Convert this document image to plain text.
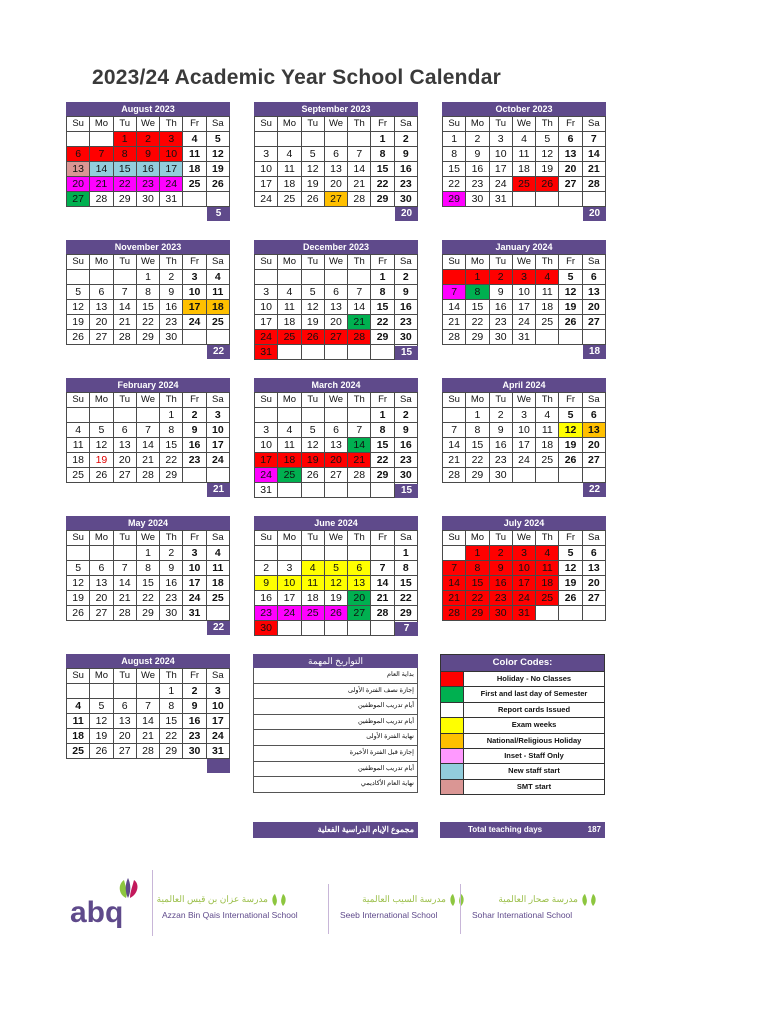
2023/24 Academic Year School Calendar
August 2023
Su	Mo	Tu	We	Th	Fr	Sa
		1	2	3	4	5
6	7	8	9	10	11	12
13	14	15	16	17	18	19
20	21	22	23	24	25	26
27	28	29	30	31		
5
September 2023
Su	Mo	Tu	We	Th	Fr	Sa
					1	2
3	4	5	6	7	8	9
10	11	12	13	14	15	16
17	18	19	20	21	22	23
24	25	26	27	28	29	30
20
October 2023
Su	Mo	Tu	We	Th	Fr	Sa
1	2	3	4	5	6	7
8	9	10	11	12	13	14
15	16	17	18	19	20	21
22	23	24	25	26	27	28
29	30	31				
20
November 2023
Su	Mo	Tu	We	Th	Fr	Sa
			1	2	3	4
5	6	7	8	9	10	11
12	13	14	15	16	17	18
19	20	21	22	23	24	25
26	27	28	29	30		
22
December 2023
Su	Mo	Tu	We	Th	Fr	Sa
					1	2
3	4	5	6	7	8	9
10	11	12	13	14	15	16
17	18	19	20	21	22	23
24	25	26	27	28	29	30
31							15
January 2024
Su	Mo	Tu	We	Th	Fr	Sa
	1	2	3	4	5	6
7	8	9	10	11	12	13
14	15	16	17	18	19	20
21	22	23	24	25	26	27
28	29	30	31			
18
February 2024
Su	Mo	Tu	We	Th	Fr	Sa
				1	2	3
4	5	6	7	8	9	10
11	12	13	14	15	16	17
18	19	20	21	22	23	24
25	26	27	28	29		
21
March 2024
Su	Mo	Tu	We	Th	Fr	Sa
					1	2
3	4	5	6	7	8	9
10	11	12	13	14	15	16
17	18	19	20	21	22	23
24	25	26	27	28	29	30
31							15
April 2024
Su	Mo	Tu	We	Th	Fr	Sa
	1	2	3	4	5	6
7	8	9	10	11	12	13
14	15	16	17	18	19	20
21	22	23	24	25	26	27
28	29	30				
22
May 2024
Su	Mo	Tu	We	Th	Fr	Sa
			1	2	3	4
5	6	7	8	9	10	11
12	13	14	15	16	17	18
19	20	21	22	23	24	25
26	27	28	29	30	31	
22
June 2024
Su	Mo	Tu	We	Th	Fr	Sa
						1
2	3	4	5	6	7	8
9	10	11	12	13	14	15
16	17	18	19	20	21	22
23	24	25	26	27	28	29
30							7
July 2024
Su	Mo	Tu	We	Th	Fr	Sa
	1	2	3	4	5	6
7	8	9	10	11	12	13
14	15	16	17	18	19	20
21	22	23	24	25	26	27
28	29	30	31			
August 2024
Su	Mo	Tu	We	Th	Fr	Sa
				1	2	3
4	5	6	7	8	9	10
11	12	13	14	15	16	17
18	19	20	21	22	23	24
25	26	27	28	29	30	31
التواريخ المهمة
بداية العام
إجازة نصف الفترة الأولى
أيام تدريب الموظفين
أيام تدريب الموظفين
نهاية الفترة الأولى
إجازة قبل الفترة الأخيرة
أيام تدريب الموظفين
نهاية العام الأكاديمي
Color Codes:
Holiday - No Classes
First and last day of Semester
Report cards Issued
Exam weeks
National/Religious Holiday
Inset - Staff Only
New staff start
SMT start
مجموع الإيام الدراسية الفعلية	Total teaching days	187
abq	مدرسة عزان بن قيس العالمية
Azzan Bin Qais International School
مدرسة السيب العالمية
Seeb International School
مدرسة صحار العالمية
Sohar International School
